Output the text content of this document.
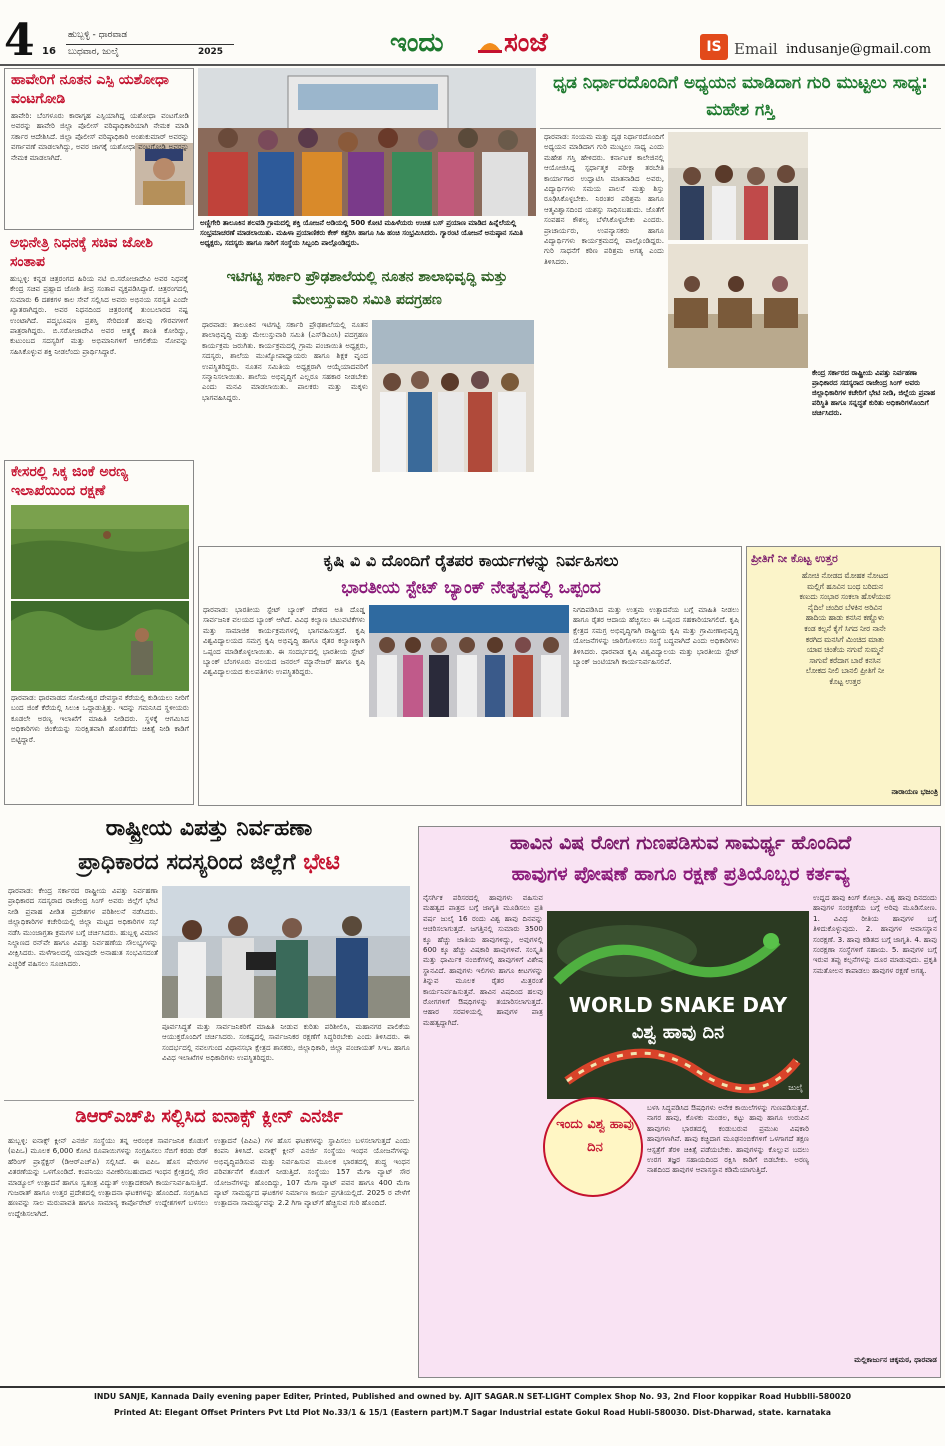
4 16
ಹುಬ್ಬಳ್ಳಿ - ಧಾರವಾಡ
ಬುಧವಾರ, ಜುಲೈ	2025	ಇಂದು ಸಂಜೆ	IS Email indusanje@gmail.com
ಹಾವೇರಿಗೆ ನೂತನ ಎಸ್ಪಿ ಯಶೋಧಾ ವಂಟಗೋಡಿ
ಹಾವೇರಿ: ಬೆಂಗಳೂರು ಕಾರಾಗೃಹ ಎಸ್ಪಿಯಾಗಿದ್ದ ಯಶೋಧಾ ವಂಟಗೋಡಿ ಅವರನ್ನು ಹಾವೇರಿ ಜಿಲ್ಲಾ ಪೊಲೀಸ್ ವರಿಷ್ಠಾಧಿಕಾರಿಯಾಗಿ ನೇಮಕ ಮಾಡಿ ಸರ್ಕಾರ ಆದೇಶಿಸಿದೆ. ಜಿಲ್ಲಾ ಪೊಲೀಸ್ ವರಿಷ್ಠಾಧಿಕಾರಿ ಅಂಶುಕುಮಾರ್ ಅವರನ್ನು ವರ್ಗಾವಣೆ ಮಾಡಲಾಗಿದ್ದು, ಅವರ ಜಾಗಕ್ಕೆ ಯಶೋಧಾ ವಂಟಗೋಡಿ ಅವರನ್ನು ನೇಮಕ ಮಾಡಲಾಗಿದೆ.
ಅಭಿನೇತ್ರಿ ನಿಧನಕ್ಕೆ ಸಚಿವ ಜೋಶಿ ಸಂತಾಪ
ಹುಬ್ಬಳ್ಳಿ: ಕನ್ನಡ ಚಿತ್ರರಂಗದ ಹಿರಿಯ ನಟಿ ಬಿ.ಸರೋಜಾದೇವಿ ಅವರ ನಿಧನಕ್ಕೆ ಕೇಂದ್ರ ಸಚಿವ ಪ್ರಹ್ಲಾದ ಜೋಶಿ ತೀವ್ರ ಸಂತಾಪ ವ್ಯಕ್ತಪಡಿಸಿದ್ದಾರೆ. ಚಿತ್ರರಂಗದಲ್ಲಿ ಸುಮಾರು 6 ದಶಕಗಳ ಕಾಲ ಸೇವೆ ಸಲ್ಲಿಸಿದ ಅವರು ಅಭಿನಯ ಸರಸ್ವತಿ ಎಂದೇ ಖ್ಯಾತರಾಗಿದ್ದರು. ಅವರ ನಿಧನದಿಂದ ಚಿತ್ರರಂಗಕ್ಕೆ ತುಂಬಲಾರದ ನಷ್ಟ ಉಂಟಾಗಿದೆ. ಪದ್ಮಭೂಷಣ ಪ್ರಶಸ್ತಿ ಸೇರಿದಂತೆ ಹಲವು ಗೌರವಗಳಿಗೆ ಪಾತ್ರರಾಗಿದ್ದರು. ಬಿ.ಸರೋಜಾದೇವಿ ಅವರ ಆತ್ಮಕ್ಕೆ ಶಾಂತಿ ಕೋರಿದ್ದು, ಕುಟುಂಬದ ಸದಸ್ಯರಿಗೆ ಮತ್ತು ಅಭಿಮಾನಿಗಳಿಗೆ ಆಗಲಿಕೆಯ ನೋವನ್ನು ಸಹಿಸಿಕೊಳ್ಳುವ ಶಕ್ತಿ ನೀಡಲೆಂದು ಪ್ರಾರ್ಥಿಸಿದ್ದಾರೆ.
ಕೇಸರಲ್ಲಿ ಸಿಕ್ಕ ಜಿಂಕೆ ಅರಣ್ಯ ಇಲಾಖೆಯಿಂದ ರಕ್ಷಣೆ
ಧಾರವಾಡ: ಧಾರವಾಡದ ಸೋಮೇಶ್ವರ ದೇವಸ್ಥಾನ ಕೆರೆಯಲ್ಲಿ ಕುಡಿಯಲು ನೀರಿಗೆ ಬಂದ ಜಿಂಕೆ ಕೆರೆಯಲ್ಲಿ ಸಿಲುಕಿ ಒದ್ದಾಡುತ್ತಿತ್ತು. ಇದನ್ನು ಗಮನಿಸಿದ ಸ್ಥಳೀಯರು ಕೂಡಲೇ ಅರಣ್ಯ ಇಲಾಖೆಗೆ ಮಾಹಿತಿ ನೀಡಿದರು. ಸ್ಥಳಕ್ಕೆ ಆಗಮಿಸಿದ ಅಧಿಕಾರಿಗಳು ಜಿಂಕೆಯನ್ನು ಸುರಕ್ಷಿತವಾಗಿ ಹೊರತೆಗೆದು ಚಿಕಿತ್ಸೆ ನೀಡಿ ಕಾಡಿಗೆ ಬಿಟ್ಟಿದ್ದಾರೆ.
ಅಣ್ಣಿಗೇರಿ ತಾಲೂಕಿನ ಶಲವಡಿ ಗ್ರಾಮದಲ್ಲಿ ಶಕ್ತಿ ಯೋಜನೆ ಅಡಿಯಲ್ಲಿ 500 ಕೋಟಿ ಮಹಿಳೆಯರು ಉಚಿತ ಬಸ್ ಪ್ರಯಾಣ ಮಾಡಿದ ಹಿನ್ನೆಲೆಯಲ್ಲಿ ಸಂಭ್ರಮಾಚರಣೆ ಮಾಡಲಾಯಿತು. ಮಹಿಳಾ ಪ್ರಯಾಣಿಕರು ಕೇಕ್ ಕತ್ತರಿಸಿ ಹಾಗೂ ಸಿಹಿ ಹಂಚಿ ಸಂಭ್ರಮಿಸಿದರು. ಗ್ಯಾರಂಟಿ ಯೋಜನೆ ಅನುಷ್ಠಾನ ಸಮಿತಿ ಅಧ್ಯಕ್ಷರು, ಸದಸ್ಯರು ಹಾಗೂ ಸಾರಿಗೆ ಸಂಸ್ಥೆಯ ಸಿಬ್ಬಂದಿ ಪಾಲ್ಗೊಂಡಿದ್ದರು.
ಇಟಿಗಟ್ಟಿ ಸರ್ಕಾರಿ ಪ್ರೌಢಶಾಲೆಯಲ್ಲಿ ನೂತನ ಶಾಲಾಭಿವೃದ್ಧಿ ಮತ್ತು ಮೇಲುಸ್ತುವಾರಿ ಸಮಿತಿ ಪದಗ್ರಹಣ
ಧಾರವಾಡ: ತಾಲೂಕಿನ ಇಟಿಗಟ್ಟಿ ಸರ್ಕಾರಿ ಪ್ರೌಢಶಾಲೆಯಲ್ಲಿ ನೂತನ ಶಾಲಾಭಿವೃದ್ಧಿ ಮತ್ತು ಮೇಲುಸ್ತುವಾರಿ ಸಮಿತಿ (ಎಸ್‌ಡಿಎಂಸಿ) ಪದಗ್ರಹಣ ಕಾರ್ಯಕ್ರಮ ಜರುಗಿತು. ಕಾರ್ಯಕ್ರಮದಲ್ಲಿ ಗ್ರಾಮ ಪಂಚಾಯಿತಿ ಅಧ್ಯಕ್ಷರು, ಸದಸ್ಯರು, ಶಾಲೆಯ ಮುಖ್ಯೋಪಾಧ್ಯಾಯರು ಹಾಗೂ ಶಿಕ್ಷಕ ವೃಂದ ಉಪಸ್ಥಿತರಿದ್ದರು. ನೂತನ ಸಮಿತಿಯ ಅಧ್ಯಕ್ಷರಾಗಿ ಆಯ್ಕೆಯಾದವರಿಗೆ ಸನ್ಮಾನಿಸಲಾಯಿತು. ಶಾಲೆಯ ಅಭಿವೃದ್ಧಿಗೆ ಎಲ್ಲರೂ ಸಹಕಾರ ನೀಡಬೇಕು ಎಂದು ಮನವಿ ಮಾಡಲಾಯಿತು. ಪಾಲಕರು ಮತ್ತು ಮಕ್ಕಳು ಭಾಗವಹಿಸಿದ್ದರು.
ಧೃಡ ನಿರ್ಧಾರದೊಂದಿಗೆ ಅಧ್ಯಯನ ಮಾಡಿದಾಗ ಗುರಿ ಮುಟ್ಟಲು ಸಾಧ್ಯ: ಮಹೇಶ ಗಸ್ತಿ
ಧಾರವಾಡ: ಸಂಯಮ ಮತ್ತು ದೃಢ ನಿರ್ಧಾರದೊಂದಿಗೆ ಅಧ್ಯಯನ ಮಾಡಿದಾಗ ಗುರಿ ಮುಟ್ಟಲು ಸಾಧ್ಯ ಎಂದು ಮಹೇಶ ಗಸ್ತಿ ಹೇಳಿದರು. ಕರ್ನಾಟಕ ಕಾಲೇಜಿನಲ್ಲಿ ಆಯೋಜಿಸಿದ್ದ ಸ್ಪರ್ಧಾತ್ಮಕ ಪರೀಕ್ಷಾ ತರಬೇತಿ ಕಾರ್ಯಾಗಾರ ಉದ್ಘಾಟಿಸಿ ಮಾತನಾಡಿದ ಅವರು, ವಿದ್ಯಾರ್ಥಿಗಳು ಸಮಯ ಪಾಲನೆ ಮತ್ತು ಶಿಸ್ತು ರೂಢಿಸಿಕೊಳ್ಳಬೇಕು. ನಿರಂತರ ಪರಿಶ್ರಮ ಹಾಗೂ ಆತ್ಮವಿಶ್ವಾಸದಿಂದ ಯಶಸ್ಸು ಸಾಧಿಸಬಹುದು. ಜೊತೆಗೆ ಸಂವಹನ ಕೌಶಲ್ಯ ಬೆಳೆಸಿಕೊಳ್ಳಬೇಕು ಎಂದರು. ಪ್ರಾಚಾರ್ಯರು, ಉಪನ್ಯಾಸಕರು ಹಾಗೂ ವಿದ್ಯಾರ್ಥಿಗಳು ಕಾರ್ಯಕ್ರಮದಲ್ಲಿ ಪಾಲ್ಗೊಂಡಿದ್ದರು. ಗುರಿ ಸಾಧನೆಗೆ ಕಠಿಣ ಪರಿಶ್ರಮ ಅಗತ್ಯ ಎಂದು ತಿಳಿಸಿದರು.
ಕೇಂದ್ರ ಸರ್ಕಾರದ ರಾಷ್ಟ್ರೀಯ ವಿಪತ್ತು ನಿರ್ವಹಣಾ ಪ್ರಾಧಿಕಾರದ ಸದಸ್ಯರಾದ ರಾಜೇಂದ್ರ ಸಿಂಗ್ ಅವರು ಜಿಲ್ಲಾಧಿಕಾರಿಗಳ ಕಚೇರಿಗೆ ಭೇಟಿ ನೀಡಿ, ಜಿಲ್ಲೆಯ ಪ್ರವಾಹ ಪರಿಸ್ಥಿತಿ ಹಾಗೂ ಸನ್ನದ್ಧತೆ ಕುರಿತು ಅಧಿಕಾರಿಗಳೊಂದಿಗೆ ಚರ್ಚಿಸಿದರು.
ಕೃಷಿ ವಿ ವಿ ದೊಂದಿಗೆ ರೈತಪರ ಕಾರ್ಯಗಳನ್ನು ನಿರ್ವಹಿಸಲು
ಭಾರತೀಯ ಸ್ಟೇಟ್ ಬ್ಯಾಂಕ್ ನೇತೃತ್ವದಲ್ಲಿ ಒಪ್ಪಂದ
ಧಾರವಾಡ: ಭಾರತೀಯ ಸ್ಟೇಟ್ ಬ್ಯಾಂಕ್ ದೇಶದ ಅತಿ ದೊಡ್ಡ ಸಾರ್ವಜನಿಕ ವಲಯದ ಬ್ಯಾಂಕ್ ಆಗಿದೆ. ವಿವಿಧ ಕಲ್ಯಾಣ ಚಟುವಟಿಕೆಗಳು ಮತ್ತು ಸಾಮಾಜಿಕ ಕಾರ್ಯಕ್ರಮಗಳಲ್ಲಿ ಭಾಗವಹಿಸುತ್ತದೆ. ಕೃಷಿ ವಿಶ್ವವಿದ್ಯಾಲಯದ ಸಮಗ್ರ ಕೃಷಿ ಅಭಿವೃದ್ಧಿ ಹಾಗೂ ರೈತರ ಕಲ್ಯಾಣಕ್ಕಾಗಿ ಒಪ್ಪಂದ ಮಾಡಿಕೊಳ್ಳಲಾಯಿತು. ಈ ಸಂದರ್ಭದಲ್ಲಿ ಭಾರತೀಯ ಸ್ಟೇಟ್ ಬ್ಯಾಂಕ್ ಬೆಂಗಳೂರು ವಲಯದ ಜನರಲ್ ಮ್ಯಾನೇಜರ್ ಹಾಗೂ ಕೃಷಿ ವಿಶ್ವವಿದ್ಯಾಲಯದ ಕುಲಪತಿಗಳು ಉಪಸ್ಥಿತರಿದ್ದರು.
ನಿಗದಿಪಡಿಸಿದ ಮತ್ತು ಉತ್ತಮ ಉತ್ಪಾದನೆಯ ಬಗ್ಗೆ ಮಾಹಿತಿ ನೀಡಲು ಹಾಗೂ ರೈತರ ಆದಾಯ ಹೆಚ್ಚಿಸಲು ಈ ಒಪ್ಪಂದ ಸಹಕಾರಿಯಾಗಲಿದೆ. ಕೃಷಿ ಕ್ಷೇತ್ರದ ಸಮಗ್ರ ಅಭಿವೃದ್ಧಿಗಾಗಿ ರಾಷ್ಟ್ರೀಯ ಕೃಷಿ ಮತ್ತು ಗ್ರಾಮೀಣಾಭಿವೃದ್ಧಿ ಯೋಜನೆಗಳನ್ನು ಜಾರಿಗೊಳಿಸಲು ಸಂಸ್ಥೆ ಬದ್ಧವಾಗಿದೆ ಎಂದು ಅಧಿಕಾರಿಗಳು ತಿಳಿಸಿದರು. ಧಾರವಾಡ ಕೃಷಿ ವಿಶ್ವವಿದ್ಯಾಲಯ ಮತ್ತು ಭಾರತೀಯ ಸ್ಟೇಟ್ ಬ್ಯಾಂಕ್ ಜಂಟಿಯಾಗಿ ಕಾರ್ಯನಿರ್ವಹಿಸಲಿವೆ.
ಪ್ರೀತಿಗೆ ನೀ ಕೊಟ್ಟ ಉತ್ತರ
ಹೋಚಿ ನೋಡದ ಮೋಹಕ ನೋಟದ ಮಲ್ಲಿಗೆ ಹೂವಿನ ಬಂಧ ಬರಿದುನ ಕಣುದು ಸಂಭಾರ ಸಂಕಲಾ ಹೊಳೆಯುವ ನೈದಿಲೆ ಚಂದಿರ ಬೆಳಕಿನ ಅರಿವಿನ ಹಾದಿಯ ಹಾಡು ಕನಸಿನ ಕಣ್ಣೊಳು ಕಂಡ ಕಲ್ಪನೆ ಕೈಗೆ ಸಿಗದ ನೀರ ನಾನೇ ಕರಗಿದ ಮನಸಿಗೆ ಮಿಂಚಿದ ಮಾತು ಯಾವ ಚಿಂತೆಯ ನಗುವೆ ಸುಮ್ಮನೆ ಸಾಗುವೆ ಕರೆದಾಗ ಬಾರೆ ಕನಸಿನ ಲೋಕದ ನೀಲಿ ಬಾನಲಿ ಪ್ರೀತಿಗೆ ನೀ ಕೊಟ್ಟ ಉತ್ತರ
ನಾರಾಯಣ ಭಜಂತ್ರಿ
ರಾಷ್ಟ್ರೀಯ ವಿಪತ್ತು ನಿರ್ವಹಣಾ
ಪ್ರಾಧಿಕಾರದ ಸದಸ್ಯರಿಂದ ಜಿಲ್ಲೆಗೆ ಭೇಟಿ
ಧಾರವಾಡ: ಕೇಂದ್ರ ಸರ್ಕಾರದ ರಾಷ್ಟ್ರೀಯ ವಿಪತ್ತು ನಿರ್ವಹಣಾ ಪ್ರಾಧಿಕಾರದ ಸದಸ್ಯರಾದ ರಾಜೇಂದ್ರ ಸಿಂಗ್ ಅವರು ಜಿಲ್ಲೆಗೆ ಭೇಟಿ ನೀಡಿ ಪ್ರವಾಹ ಪೀಡಿತ ಪ್ರದೇಶಗಳ ಪರಿಶೀಲನೆ ನಡೆಸಿದರು. ಜಿಲ್ಲಾಧಿಕಾರಿಗಳ ಕಚೇರಿಯಲ್ಲಿ ಜಿಲ್ಲಾ ಮಟ್ಟದ ಅಧಿಕಾರಿಗಳ ಸಭೆ ನಡೆಸಿ ಮುಂಜಾಗ್ರತಾ ಕ್ರಮಗಳ ಬಗ್ಗೆ ಚರ್ಚಿಸಿದರು. ಹುಬ್ಬಳ್ಳಿ ವಿಮಾನ ನಿಲ್ದಾಣದ ರನ್‌ವೇ ಹಾಗೂ ವಿಪತ್ತು ನಿರ್ವಹಣೆಯ ಸೌಲಭ್ಯಗಳನ್ನು ವೀಕ್ಷಿಸಿದರು. ಮಳೆಗಾಲದಲ್ಲಿ ಯಾವುದೇ ಅನಾಹುತ ಸಂಭವಿಸದಂತೆ ಎಚ್ಚರಿಕೆ ವಹಿಸಲು ಸೂಚಿಸಿದರು.
ಪೂರ್ವಸಿದ್ಧತೆ ಮತ್ತು ಸಾರ್ವಜನಿಕರಿಗೆ ಮಾಹಿತಿ ನೀಡುವ ಕುರಿತು ಪರಿಶೀಲಿಸಿ, ಮಹಾನಗರ ಪಾಲಿಕೆಯ ಆಯುಕ್ತರೊಂದಿಗೆ ಚರ್ಚಿಸಿದರು. ಸಂಕಷ್ಟದಲ್ಲಿ ಸಾರ್ವಜನಿಕರ ರಕ್ಷಣೆಗೆ ಸಿದ್ಧರಿರಬೇಕು ಎಂದು ತಿಳಿಸಿದರು. ಈ ಸಂದರ್ಭದಲ್ಲಿ ನವಲಗುಂದ ವಿಧಾನಸಭಾ ಕ್ಷೇತ್ರದ ಶಾಸಕರು, ಜಿಲ್ಲಾಧಿಕಾರಿ, ಜಿಲ್ಲಾ ಪಂಚಾಯತ್ ಸಿಇಒ ಹಾಗೂ ವಿವಿಧ ಇಲಾಖೆಗಳ ಅಧಿಕಾರಿಗಳು ಉಪಸ್ಥಿತರಿದ್ದರು.
ಹಾವಿನ ವಿಷ ರೋಗ ಗುಣಪಡಿಸುವ ಸಾಮರ್ಥ್ಯ ಹೊಂದಿದೆ
ಹಾವುಗಳ ಪೋಷಣೆ ಹಾಗೂ ರಕ್ಷಣೆ ಪ್ರತಿಯೊಬ್ಬರ ಕರ್ತವ್ಯ
ನೈಸರ್ಗಿಕ ಪರಿಸರದಲ್ಲಿ ಹಾವುಗಳು ವಹಿಸುವ ಮಹತ್ವದ ಪಾತ್ರದ ಬಗ್ಗೆ ಜಾಗೃತಿ ಮೂಡಿಸಲು ಪ್ರತಿ ವರ್ಷ ಜುಲೈ 16 ರಂದು ವಿಶ್ವ ಹಾವು ದಿನವನ್ನು ಆಚರಿಸಲಾಗುತ್ತದೆ. ಜಗತ್ತಿನಲ್ಲಿ ಸುಮಾರು 3500 ಕ್ಕೂ ಹೆಚ್ಚು ಜಾತಿಯ ಹಾವುಗಳಿದ್ದು, ಅವುಗಳಲ್ಲಿ 600 ಕ್ಕೂ ಹೆಚ್ಚು ವಿಷಕಾರಿ ಹಾವುಗಳಿವೆ. ಸಂಸ್ಕೃತಿ ಮತ್ತು ಧಾರ್ಮಿಕ ನಂಬಿಕೆಗಳಲ್ಲಿ ಹಾವುಗಳಿಗೆ ವಿಶೇಷ ಸ್ಥಾನವಿದೆ. ಹಾವುಗಳು ಇಲಿಗಳು ಹಾಗೂ ಕೀಟಗಳನ್ನು ತಿನ್ನುವ ಮೂಲಕ ರೈತರ ಮಿತ್ರರಂತೆ ಕಾರ್ಯನಿರ್ವಹಿಸುತ್ತವೆ. ಹಾವಿನ ವಿಷದಿಂದ ಹಲವು ರೋಗಗಳಿಗೆ ಔಷಧಿಗಳನ್ನು ತಯಾರಿಸಲಾಗುತ್ತದೆ. ಆಹಾರ ಸರಪಳಿಯಲ್ಲಿ ಹಾವುಗಳ ಪಾತ್ರ ಮಹತ್ವದ್ದಾಗಿದೆ.
WORLD SNAKE DAY
ವಿಶ್ವ ಹಾವು ದಿನ
ಜುಲೈ
ಇಂದು ವಿಶ್ವ ಹಾವು ದಿನ
ಬಳಸಿ ಸಿದ್ಧಪಡಿಸಿದ ಔಷಧಿಗಳು ಅನೇಕ ಕಾಯಿಲೆಗಳನ್ನು ಗುಣಪಡಿಸುತ್ತವೆ. ನಾಗರ ಹಾವು, ಕೊಳಕು ಮಂಡಲ, ಕಟ್ಟು ಹಾವು ಹಾಗೂ ಉರುಪಿನ ಹಾವುಗಳು ಭಾರತದಲ್ಲಿ ಕಂಡುಬರುವ ಪ್ರಮುಖ ವಿಷಕಾರಿ ಹಾವುಗಳಾಗಿವೆ. ಹಾವು ಕಚ್ಚಿದಾಗ ಮೂಢನಂಬಿಕೆಗಳಿಗೆ ಒಳಗಾಗದೆ ತಕ್ಷಣ ಆಸ್ಪತ್ರೆಗೆ ತೆರಳಿ ಚಿಕಿತ್ಸೆ ಪಡೆಯಬೇಕು. ಹಾವುಗಳನ್ನು ಕೊಲ್ಲುವ ಬದಲು ಉರಗ ತಜ್ಞರ ಸಹಾಯದಿಂದ ರಕ್ಷಿಸಿ ಕಾಡಿಗೆ ಬಿಡಬೇಕು. ಅರಣ್ಯ ನಾಶದಿಂದ ಹಾವುಗಳ ಆವಾಸಸ್ಥಾನ ಕಡಿಮೆಯಾಗುತ್ತಿದೆ.
ಉದ್ದದ ಹಾವು ಕಿಂಗ್ ಕೋಬ್ರಾ. ವಿಶ್ವ ಹಾವು ದಿನದಂದು ಹಾವುಗಳ ಸಂರಕ್ಷಣೆಯ ಬಗ್ಗೆ ಅರಿವು ಮೂಡಿಸೋಣ. 1. ವಿವಿಧ ರೀತಿಯ ಹಾವುಗಳ ಬಗ್ಗೆ ತಿಳಿದುಕೊಳ್ಳುವುದು. 2. ಹಾವುಗಳ ಆವಾಸಸ್ಥಾನ ಸಂರಕ್ಷಣೆ. 3. ಹಾವು ಕಡಿತದ ಬಗ್ಗೆ ಜಾಗೃತಿ. 4. ಹಾವು ಸಂರಕ್ಷಣಾ ಸಂಸ್ಥೆಗಳಿಗೆ ಸಹಾಯ. 5. ಹಾವುಗಳ ಬಗ್ಗೆ ಇರುವ ತಪ್ಪು ಕಲ್ಪನೆಗಳನ್ನು ದೂರ ಮಾಡುವುದು. ಪ್ರಕೃತಿ ಸಮತೋಲನ ಕಾಪಾಡಲು ಹಾವುಗಳ ರಕ್ಷಣೆ ಅಗತ್ಯ.
ಮಲ್ಲಿಕಾರ್ಜುನ ಚಿಕ್ಕಮಠ, ಧಾರವಾಡ
ಡಿಆರ್‌ಎಚ್‌ಪಿ ಸಲ್ಲಿಸಿದ ಐನಾಕ್ಸ್ ಕ್ಲೀನ್ ಎನರ್ಜಿ
ಹುಬ್ಬಳ್ಳಿ: ಐನಾಕ್ಸ್ ಕ್ಲೀನ್ ಎನರ್ಜಿ ಸಂಸ್ಥೆಯು ತನ್ನ ಆರಂಭಿಕ ಸಾರ್ವಜನಿಕ ಕೊಡುಗೆ (ಐಪಿಒ) ಮೂಲಕ 6,000 ಕೋಟಿ ರೂಪಾಯಿಗಳನ್ನು ಸಂಗ್ರಹಿಸಲು ಸೆಬಿಗೆ ಕರಡು ರೆಡ್ ಹೆರಿಂಗ್ ಪ್ರಾಸ್ಪೆಕ್ಟಸ್ (ಡಿಆರ್‌ಎಚ್‌ಪಿ) ಸಲ್ಲಿಸಿದೆ. ಈ ಐಪಿಒ ಹೊಸ ಷೇರುಗಳ ವಿತರಣೆಯನ್ನು ಒಳಗೊಂಡಿದೆ. ಕಂಪನಿಯು ನವೀಕರಿಸಬಹುದಾದ ಇಂಧನ ಕ್ಷೇತ್ರದಲ್ಲಿ ಸೌರ ಮಾಡ್ಯೂಲ್ ಉತ್ಪಾದನೆ ಹಾಗೂ ಸ್ವತಂತ್ರ ವಿದ್ಯುತ್ ಉತ್ಪಾದಕರಾಗಿ ಕಾರ್ಯನಿರ್ವಹಿಸುತ್ತಿದೆ. ಗುಜರಾತ್ ಹಾಗೂ ಉತ್ತರ ಪ್ರದೇಶದಲ್ಲಿ ಉತ್ಪಾದನಾ ಘಟಕಗಳನ್ನು ಹೊಂದಿದೆ. ಸಂಗ್ರಹಿಸಿದ ಹಣವನ್ನು ಸಾಲ ಮರುಪಾವತಿ ಹಾಗೂ ಸಾಮಾನ್ಯ ಕಾರ್ಪೊರೇಟ್ ಉದ್ದೇಶಗಳಿಗೆ ಬಳಸಲು ಉದ್ದೇಶಿಸಲಾಗಿದೆ.
ಉತ್ಪಾದನೆ (ಪಿಪಿಎ) ಗಳ ಹೊಸ ಘಟಕಗಳನ್ನು ಸ್ಥಾಪಿಸಲು ಬಳಸಲಾಗುತ್ತದೆ ಎಂದು ಕಂಪನಿ ತಿಳಿಸಿದೆ. ಐನಾಕ್ಸ್ ಕ್ಲೀನ್ ಎನರ್ಜಿ ಸಂಸ್ಥೆಯು ಇಂಧನ ಯೋಜನೆಗಳನ್ನು ಅಭಿವೃದ್ಧಿಪಡಿಸುವ ಮತ್ತು ನಿರ್ವಹಿಸುವ ಮೂಲಕ ಭಾರತದಲ್ಲಿ ಶುದ್ಧ ಇಂಧನ ಪರಿವರ್ತನೆಗೆ ಕೊಡುಗೆ ನೀಡುತ್ತಿದೆ. ಸಂಸ್ಥೆಯು 157 ಮೆಗಾ ವ್ಯಾಟ್ ಸೌರ ಯೋಜನೆಗಳನ್ನು ಹೊಂದಿದ್ದು, 107 ಮೆಗಾ ವ್ಯಾಟ್ ಪವನ ಹಾಗೂ 400 ಮೆಗಾ ವ್ಯಾಟ್ ಸಾಮರ್ಥ್ಯದ ಘಟಕಗಳ ನಿರ್ಮಾಣ ಕಾರ್ಯ ಪ್ರಗತಿಯಲ್ಲಿದೆ. 2025 ರ ವೇಳೆಗೆ ಉತ್ಪಾದನಾ ಸಾಮರ್ಥ್ಯವನ್ನು 2.2 ಗಿಗಾ ವ್ಯಾಟ್‌ಗೆ ಹೆಚ್ಚಿಸುವ ಗುರಿ ಹೊಂದಿದೆ.
INDU SANJE, Kannada Daily evening paper Editer, Printed, Published and owned by. AJIT SAGAR.N SET-LIGHT Complex Shop No. 93, 2nd Floor koppikar Road Hubblli-580020
Printed At: Elegant Offset Printers Pvt Ltd Plot No.33/1 & 15/1 (Eastern part)M.T Sagar Industrial estate Gokul Road Hubli-580030. Dist-Dharwad, state. karnataka
